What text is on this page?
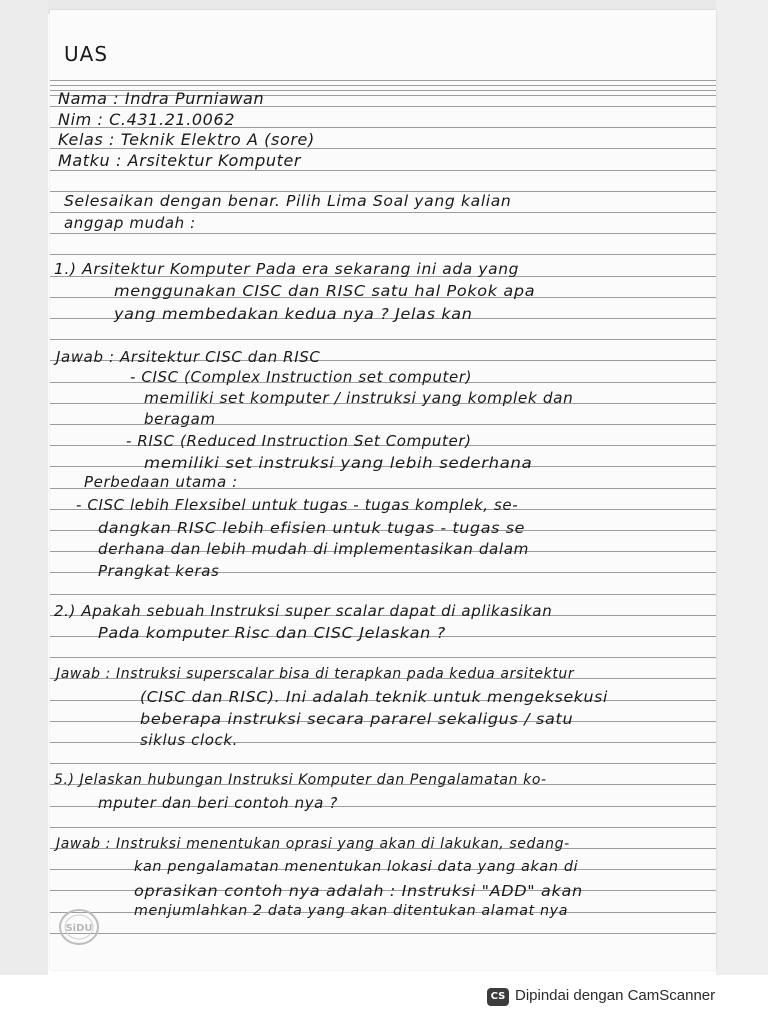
UAS
Nama : Indra Purniawan
Nim : C.431.21.0062
Kelas : Teknik Elektro A (sore)
Matku : Arsitektur Komputer
Selesaikan dengan benar. Pilih Lima Soal yang kalian
anggap mudah :
1.) Arsitektur Komputer Pada era sekarang ini ada yang
menggunakan CISC dan RISC satu hal Pokok apa
yang membedakan kedua nya ? Jelas kan
Jawab : Arsitektur CISC dan RISC
- CISC (Complex Instruction set computer)
memiliki set komputer / instruksi yang komplek dan
beragam
- RISC (Reduced Instruction Set Computer)
memiliki set instruksi yang lebih sederhana
Perbedaan utama :
- CISC lebih Flexsibel untuk tugas - tugas komplek, se-
dangkan RISC lebih efisien untuk tugas - tugas se
derhana dan lebih mudah di implementasikan dalam
Prangkat keras
2.) Apakah sebuah Instruksi super scalar dapat di aplikasikan
Pada komputer Risc dan CISC Jelaskan ?
Jawab : Instruksi superscalar bisa di terapkan pada kedua arsitektur
(CISC dan RISC). Ini adalah teknik untuk mengeksekusi
beberapa instruksi secara pararel sekaligus / satu
siklus clock.
5.) Jelaskan hubungan Instruksi Komputer dan Pengalamatan ko-
mputer dan beri contoh nya ?
Jawab : Instruksi menentukan oprasi yang akan di lakukan, sedang-
kan pengalamatan menentukan lokasi data yang akan di
oprasikan contoh nya adalah : Instruksi "ADD" akan
menjumlahkan 2 data yang akan ditentukan alamat nya
SiDU
CS Dipindai dengan CamScanner
